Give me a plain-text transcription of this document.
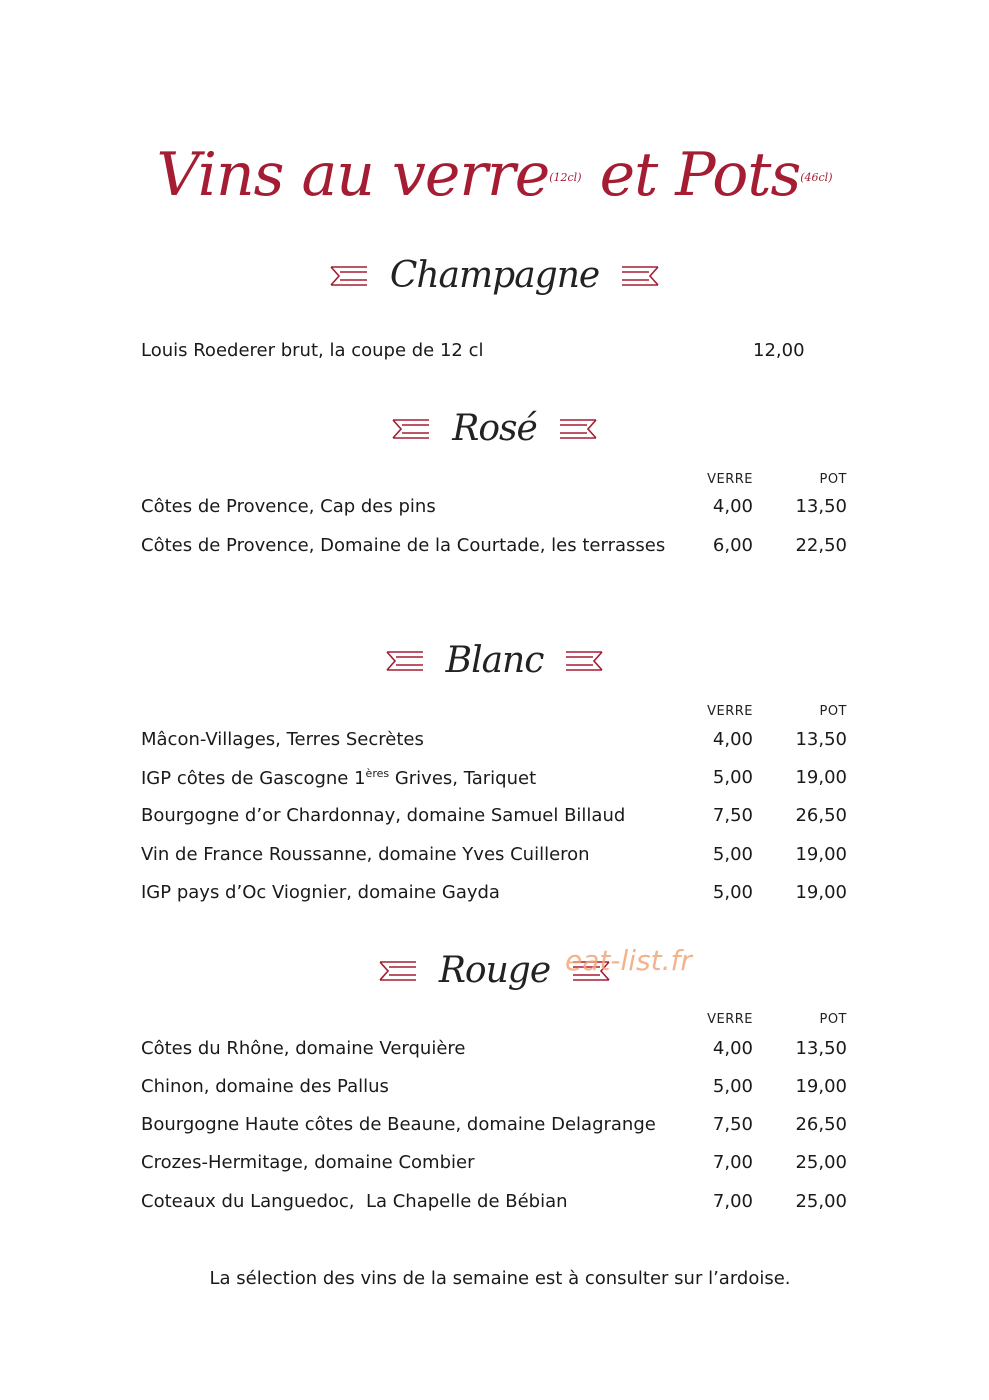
Vins au verre$^{(12cl)}$ et Pots$^{(46cl)}$
Champagne
Louis Roederer brut, la coupe de 12 cl	12,00
Rosé
VERRE	POT
Côtes de Provence, Cap des pins	4,00	13,50
Côtes de Provence, Domaine de la Courtade, les terrasses	6,00	22,50
Blanc
VERRE	POT
Mâcon-Villages, Terres Secrètes	4,00	13,50
IGP côtes de Gascogne 1ères Grives, Tariquet	5,00	19,00
Bourgogne d’or Chardonnay, domaine Samuel Billaud	7,50	26,50
Vin de France Roussanne, domaine Yves Cuilleron	5,00	19,00
IGP pays d’Oc Viognier, domaine Gayda	5,00	19,00
Rouge eat-list.fr
VERRE	POT
Côtes du Rhône, domaine Verquière	4,00	13,50
Chinon, domaine des Pallus	5,00	19,00
Bourgogne Haute côtes de Beaune, domaine Delagrange	7,50	26,50
Crozes-Hermitage, domaine Combier	7,00	25,00
Coteaux du Languedoc,  La Chapelle de Bébian	7,00	25,00
La sélection des vins de la semaine est à consulter sur l’ardoise.
